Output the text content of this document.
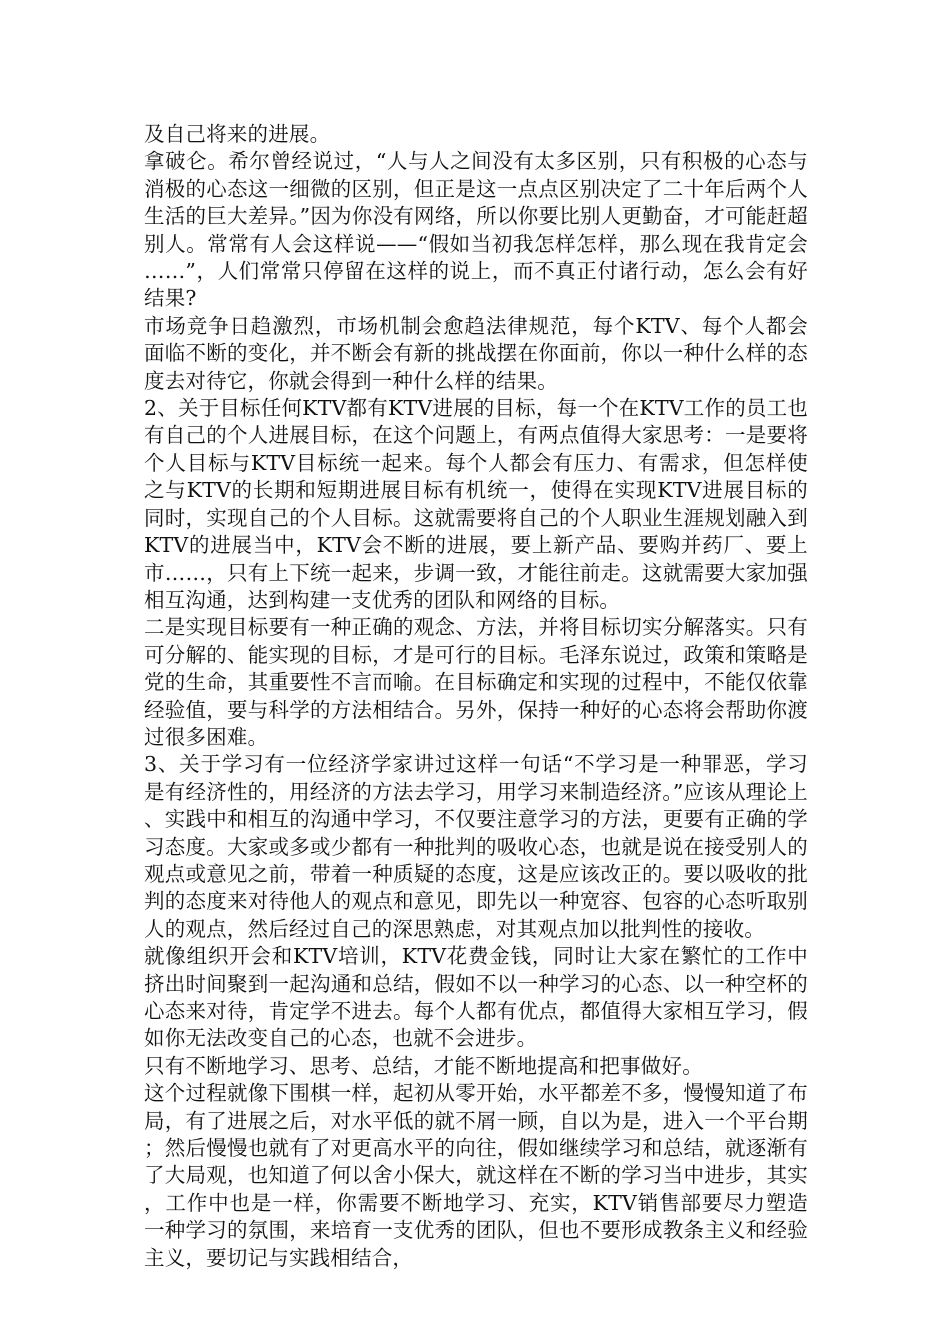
及自己将来的进展。

拿破仑。希尔曾经说过，“人与人之间没有太多区别，只有积极的心态与消极的心态这一细微的区别，但正是这一点点区别决定了二十年后两个人生活的巨大差异。”因为你没有网络，所以你要比别人更勤奋，才可能赶超别人。常常有人会这样说——“假如当初我怎样怎样，那么现在我肯定会……”，人们常常只停留在这样的说上，而不真正付诸行动，怎么会有好结果?

市场竞争日趋激烈，市场机制会愈趋法律规范，每个KTV、每个人都会面临不断的变化，并不断会有新的挑战摆在你面前，你以一种什么样的态度去对待它，你就会得到一种什么样的结果。

2、关于目标任何KTV都有KTV进展的目标，每一个在KTV工作的员工也有自己的个人进展目标，在这个问题上，有两点值得大家思考：一是要将个人目标与KTV目标统一起来。每个人都会有压力、有需求，但怎样使之与KTV的长期和短期进展目标有机统一，使得在实现KTV进展目标的同时，实现自己的个人目标。这就需要将自己的个人职业生涯规划融入到KTV的进展当中，KTV会不断的进展，要上新产品、要购并药厂、要上市……，只有上下统一起来，步调一致，才能往前走。这就需要大家加强相互沟通，达到构建一支优秀的团队和网络的目标。

二是实现目标要有一种正确的观念、方法，并将目标切实分解落实。只有可分解的、能实现的目标，才是可行的目标。毛泽东说过，政策和策略是党的生命，其重要性不言而喻。在目标确定和实现的过程中，不能仅依靠经验值，要与科学的方法相结合。另外，保持一种好的心态将会帮助你渡过很多困难。

3、关于学习有一位经济学家讲过这样一句话“不学习是一种罪恶，学习是有经济性的，用经济的方法去学习，用学习来制造经济。”应该从理论上、实践中和相互的沟通中学习，不仅要注意学习的方法，更要有正确的学习态度。大家或多或少都有一种批判的吸收心态，也就是说在接受别人的观点或意见之前，带着一种质疑的态度，这是应该改正的。要以吸收的批判的态度来对待他人的观点和意见，即先以一种宽容、包容的心态听取别人的观点，然后经过自己的深思熟虑，对其观点加以批判性的接收。

就像组织开会和KTV培训，KTV花费金钱，同时让大家在繁忙的工作中挤出时间聚到一起沟通和总结，假如不以一种学习的心态、以一种空杯的心态来对待，肯定学不进去。每个人都有优点，都值得大家相互学习，假如你无法改变自己的心态，也就不会进步。

只有不断地学习、思考、总结，才能不断地提高和把事做好。

这个过程就像下围棋一样，起初从零开始，水平都差不多，慢慢知道了布局，有了进展之后，对水平低的就不屑一顾，自以为是，进入一个平台期；然后慢慢也就有了对更高水平的向往，假如继续学习和总结，就逐渐有了大局观，也知道了何以舍小保大，就这样在不断的学习当中进步，其实，工作中也是一样，你需要不断地学习、充实，KTV销售部要尽力塑造一种学习的氛围，来培育一支优秀的团队，但也不要形成教条主义和经验主义，要切记与实践相结合，
